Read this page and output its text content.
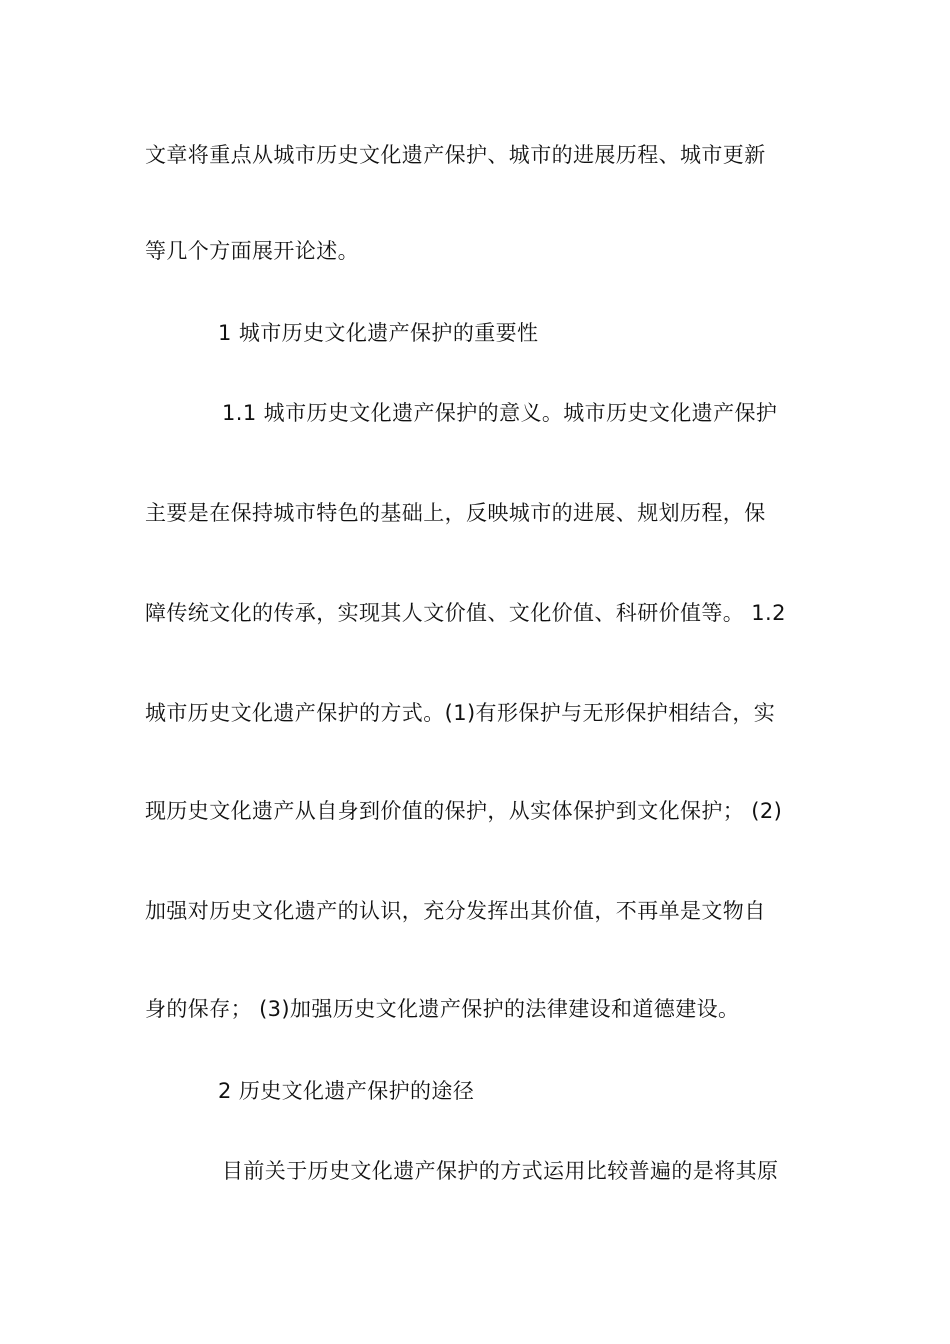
文章将重点从城市历史文化遗产保护、城市的进展历程、城市更新
等几个方面展开论述。
1 城市历史文化遗产保护的重要性
1.1 城市历史文化遗产保护的意义。城市历史文化遗产保护
主要是在保持城市特色的基础上，反映城市的进展、规划历程，保
障传统文化的传承，实现其人文价值、文化价值、科研价值等。 1.2
城市历史文化遗产保护的方式。(1)有形保护与无形保护相结合，实
现历史文化遗产从自身到价值的保护，从实体保护到文化保护； (2)
加强对历史文化遗产的认识，充分发挥出其价值，不再单是文物自
身的保存； (3)加强历史文化遗产保护的法律建设和道德建设。
2 历史文化遗产保护的途径
目前关于历史文化遗产保护的方式运用比较普遍的是将其原
